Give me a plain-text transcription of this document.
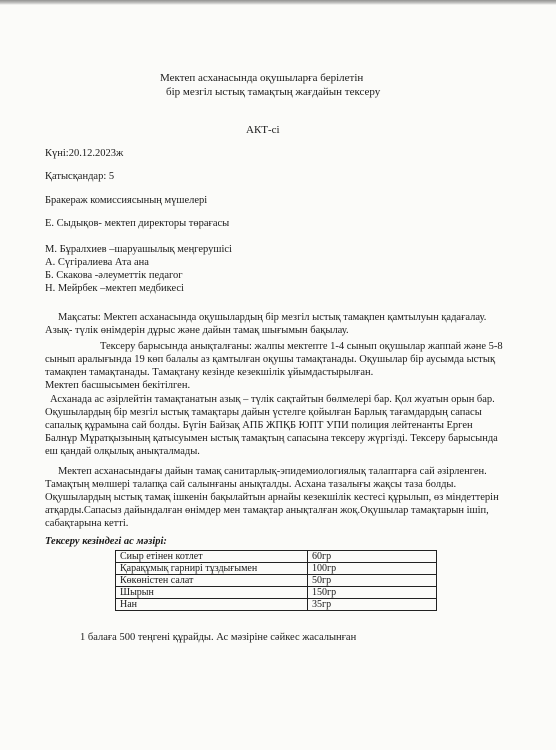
Мектеп асханасында оқушыларға берілетін
бір мезгіл ыстық тамақтың жағдайын тексеру
АКТ-сі
Күні:20.12.2023ж
Қатысқандар: 5
Бракераж комиссиясының мүшелері
Е. Сыдықов- мектеп директоры төрағасы
М. Бұралхиев –шаруашылық меңгерушісі
А. Сүгіралиева Ата ана
Б. Скакова -әлеуметтік педагог
Н. Мейрбек –мектеп медбикесі
Мақсаты: Мектеп асханасында оқушылардың бір мезгіл ыстық тамақпен қамтылуын қадағалау.
Азық- түлік өнімдерін дұрыс және дайын тамақ шығымын бақылау.
Тексеру барысында анықталғаны: жалпы мектепте 1-4 сынып оқушылар жаппай және 5-8
сынып аралығында 19 көп балалы аз қамтылған оқушы тамақтанады. Оқушылар бір аусымда ыстық
тамақпен тамақтанады. Тамақтану кезінде кезекшілік ұйымдастырылған.
Мектеп басшысымен бекітілген.
Асханада ас әзірлейтін тамақтанатын азық – түлік сақтайтын бөлмелері бар. Қол жуатын орын бар.
Оқушылардың бір мезгіл ыстық тамақтары дайын үстелге қойылған Барлық тағамдардың сапасы
сапалық құрамына сай болды. Бүгін Байзақ АПБ ЖПҚБ ЮПТ УПИ полиция лейтенанты Ерген
Балнұр Мұратқызының қатысуымен ыстық тамақтың сапасына тексеру жүргізді. Тексеру барысында
еш қандай олқылық анықталмады.
Мектеп асханасындағы дайын тамақ санитарлық-эпидемиологиялық талаптарға сай әзірленген.
Тамақтың мөлшері талапқа сай салынғаны анықталды. Асхана тазалығы жақсы таза болды.
Оқушылардың ыстық тамақ ішкенін бақылайтын арнайы кезекшілік кестесі құрылып, өз міндеттерін
атқарды.Сапасыз дайындалған өнімдер мен тамақтар анықталған жоқ.Оқушылар тамақтарын ішіп,
сабақтарына кетті.
Тексеру кезіндегі ас мәзірі:
Сиыр етінен котлет	60гр
Қарақұмық гарнирі тұздығымен	100гр
Көкөністен салат	50гр
Шырын	150гр
Нан	35гр
1 балаға 500 теңгені құрайды. Ас мәзіріне сәйкес жасалынған
